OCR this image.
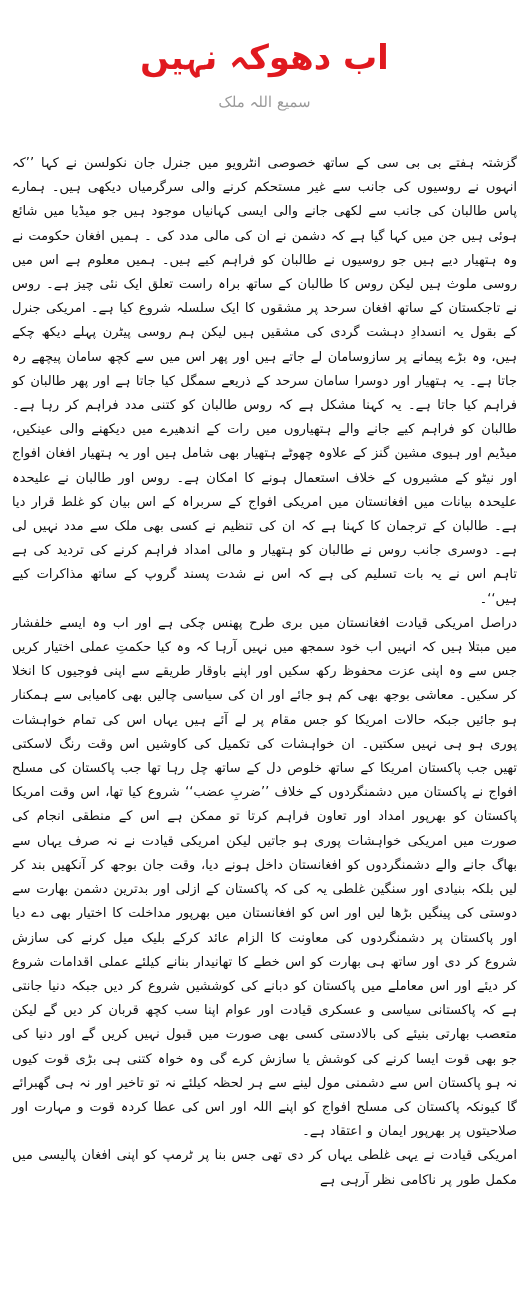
اب دھوکہ نہیں
سمیع اللہ ملک

گزشتہ ہفتے بی بی سی کے ساتھ خصوصی انٹرویو میں جنرل جان نکولسن نے کہا ’’کہ انہوں نے روسیوں کی جانب سے غیر مستحکم کرنے والی سرگرمیاں دیکھی ہیں۔ ہمارے پاس طالبان کی جانب سے لکھی جانے والی ایسی کہانیاں موجود ہیں جو میڈیا میں شائع ہوئی ہیں جن میں کہا گیا ہے کہ دشمن نے ان کی مالی مدد کی ۔ ہمیں افغان حکومت نے وہ ہتھیار دیے ہیں جو روسیوں نے طالبان کو فراہم کیے ہیں۔ ہمیں معلوم ہے اس میں روسی ملوث ہیں لیکن روس کا طالبان کے ساتھ براہ راست تعلق ایک نئی چیز ہے۔ روس نے تاجکستان کے ساتھ افغان سرحد پر مشقوں کا ایک سلسلہ شروع کیا ہے۔ امریکی جنرل کے بقول یہ انسدادِ دہشت گردی کی مشقیں ہیں لیکن ہم روسی پیٹرن پہلے دیکھ چکے ہیں، وہ بڑے پیمانے پر سازوسامان لے جاتے ہیں اور پھر اس میں سے کچھ سامان پیچھے رہ جاتا ہے۔ یہ ہتھیار اور دوسرا سامان سرحد کے ذریعے سمگل کیا جاتا ہے اور پھر طالبان کو فراہم کیا جاتا ہے۔ یہ کہنا مشکل ہے کہ روس طالبان کو کتنی مدد فراہم کر رہا ہے۔ طالبان کو فراہم کیے جانے والے ہتھیاروں میں رات کے اندھیرے میں دیکھنے والی عینکیں، میڈیم اور ہیوی مشین گنز کے علاوہ چھوٹے ہتھیار بھی شامل ہیں اور یہ ہتھیار افغان افواج اور نیٹو کے مشیروں کے خلاف استعمال ہونے کا امکان ہے۔ روس اور طالبان نے علیحدہ علیحدہ بیانات میں افغانستان میں امریکی افواج کے سربراہ کے اس بیان کو غلط قرار دیا ہے۔ طالبان کے ترجمان کا کہنا ہے کہ ان کی تنظیم نے کسی بھی ملک سے مدد نہیں لی ہے۔ دوسری جانب روس نے طالبان کو ہتھیار و مالی امداد فراہم کرنے کی تردید کی ہے تاہم اس نے یہ بات تسلیم کی ہے کہ اس نے شدت پسند گروپ کے ساتھ مذاکرات کیے ہیں‘‘۔

دراصل امریکی قیادت افغانستان میں بری طرح پھنس چکی ہے اور اب وہ ایسے خلفشار میں مبتلا ہیں کہ انہیں اب خود سمجھ میں نہیں آرہا کہ وہ کیا حکمتِ عملی اختیار کریں جس سے وہ اپنی عزت محفوظ رکھ سکیں اور اپنے باوقار طریقے سے اپنی فوجیوں کا انخلا کر سکیں۔ معاشی بوجھ بھی کم ہو جائے اور ان کی سیاسی چالیں بھی کامیابی سے ہمکنار ہو جائیں جبکہ حالات امریکا کو جس مقام پر لے آئے ہیں یہاں اس کی تمام خواہشات پوری ہو ہی نہیں سکتیں۔ ان خواہشات کی تکمیل کی کاوشیں اس وقت رنگ لاسکتی تھیں جب پاکستان امریکا کے ساتھ خلوص دل کے ساتھ چل رہا تھا جب پاکستان کی مسلح افواج نے پاکستان میں دشمنگردوں کے خلاف ’’ضربِ عضب‘‘ شروع کیا تھا، اس وقت امریکا پاکستان کو بھرپور امداد اور تعاون فراہم کرتا تو ممکن ہے اس کے منطقی انجام کی صورت میں امریکی خواہشات پوری ہو جاتیں لیکن امریکی قیادت نے نہ صرف یہاں سے بھاگ جانے والے دشمنگردوں کو افغانستان داخل ہونے دیا، وقت جان بوجھ کر آنکھیں بند کر لیں بلکہ بنیادی اور سنگین غلطی یہ کی کہ پاکستان کے ازلی اور بدترین دشمن بھارت سے دوستی کی پینگیں بڑھا لیں اور اس کو افغانستان میں بھرپور مداخلت کا اختیار بھی دے دیا اور پاکستان پر دشمنگردوں کی معاونت کا الزام عائد کرکے بلیک میل کرنے کی سازش شروع کر دی اور ساتھ ہی بھارت کو اس خطے کا تھانیدار بنانے کیلئے عملی اقدامات شروع کر دیئے اور اس معاملے میں پاکستان کو دبانے کی کوششیں شروع کر دیں جبکہ دنیا جانتی ہے کہ پاکستانی سیاسی و عسکری قیادت اور عوام اپنا سب کچھ قربان کر دیں گے لیکن متعصب بھارتی بنیئے کی بالادستی کسی بھی صورت میں قبول نہیں کریں گے اور دنیا کی جو بھی قوت ایسا کرنے کی کوشش یا سازش کرے گی وہ خواہ کتنی ہی بڑی قوت کیوں نہ ہو پاکستان اس سے دشمنی مول لینے سے ہر لحظہ کیلئے نہ تو تاخیر اور نہ ہی گھبرائے گا کیونکہ پاکستان کی مسلح افواج کو اپنے اللہ اور اس کی عطا کردہ قوت و مہارت اور صلاحیتوں پر بھرپور ایمان و اعتقاد ہے۔

امریکی قیادت نے یہی غلطی یہاں کر دی تھی جس بنا پر ٹرمپ کو اپنی افغان پالیسی میں مکمل طور پر ناکامی نظر آرہی ہے
